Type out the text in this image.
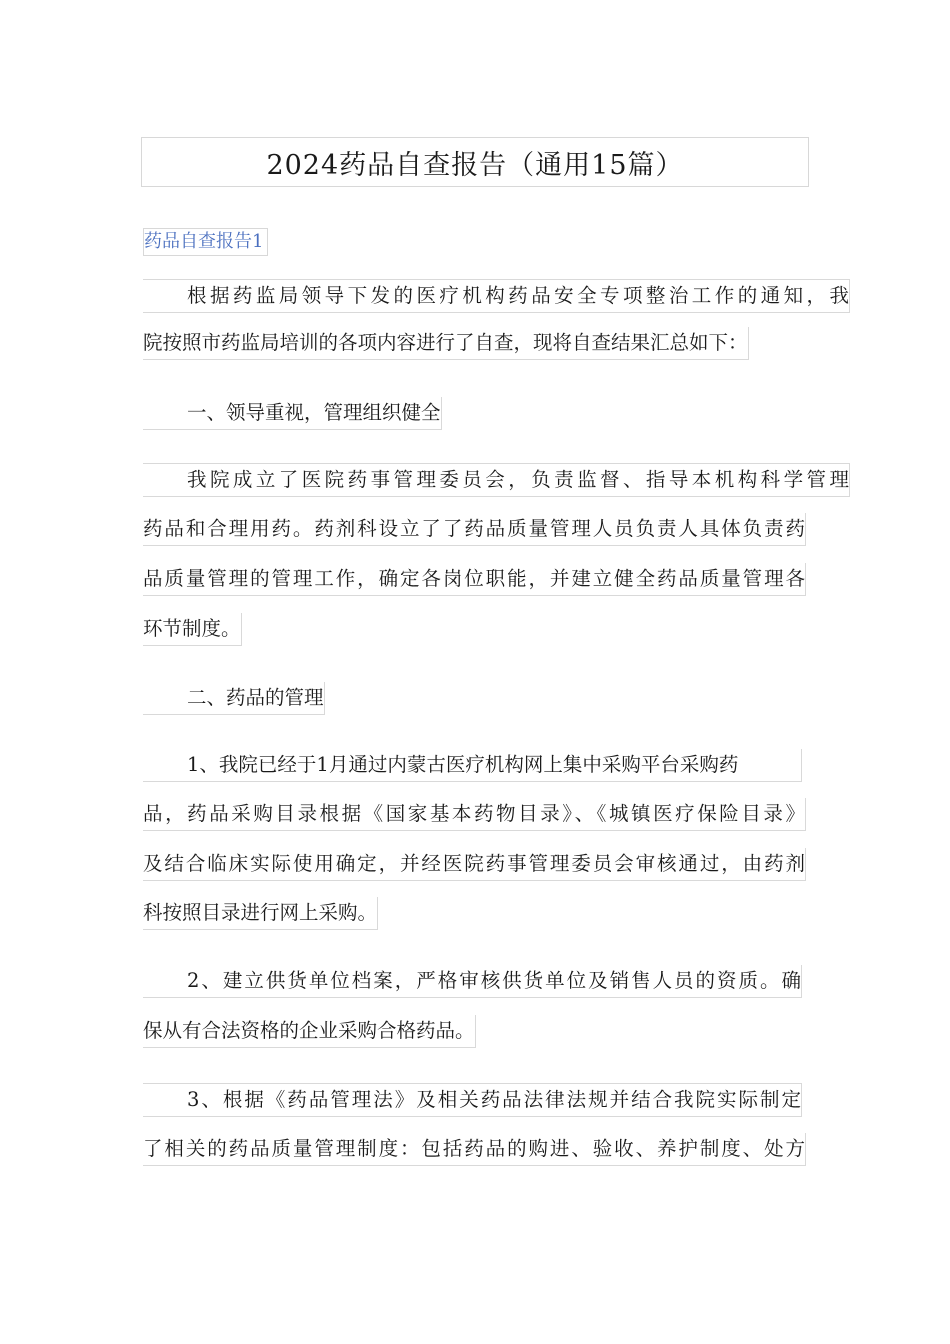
2024药品自查报告（通用15篇）
药品自查报告1
根据药监局领导下发的医疗机构药品安全专项整治工作的通知，我
院按照市药监局培训的各项内容进行了自查，现将自查结果汇总如下：
一、领导重视，管理组织健全
我院成立了医院药事管理委员会，负责监督、指导本机构科学管理
药品和合理用药。药剂科设立了了药品质量管理人员负责人具体负责药
品质量管理的管理工作，确定各岗位职能，并建立健全药品质量管理各
环节制度。
二、药品的管理
1、我院已经于1月通过内蒙古医疗机构网上集中采购平台采购药
品，药品采购目录根据《国家基本药物目录》、《城镇医疗保险目录》
及结合临床实际使用确定，并经医院药事管理委员会审核通过，由药剂
科按照目录进行网上采购。
2、建立供货单位档案，严格审核供货单位及销售人员的资质。确
保从有合法资格的企业采购合格药品。
3、根据《药品管理法》及相关药品法律法规并结合我院实际制定
了相关的药品质量管理制度：包括药品的购进、验收、养护制度、处方
